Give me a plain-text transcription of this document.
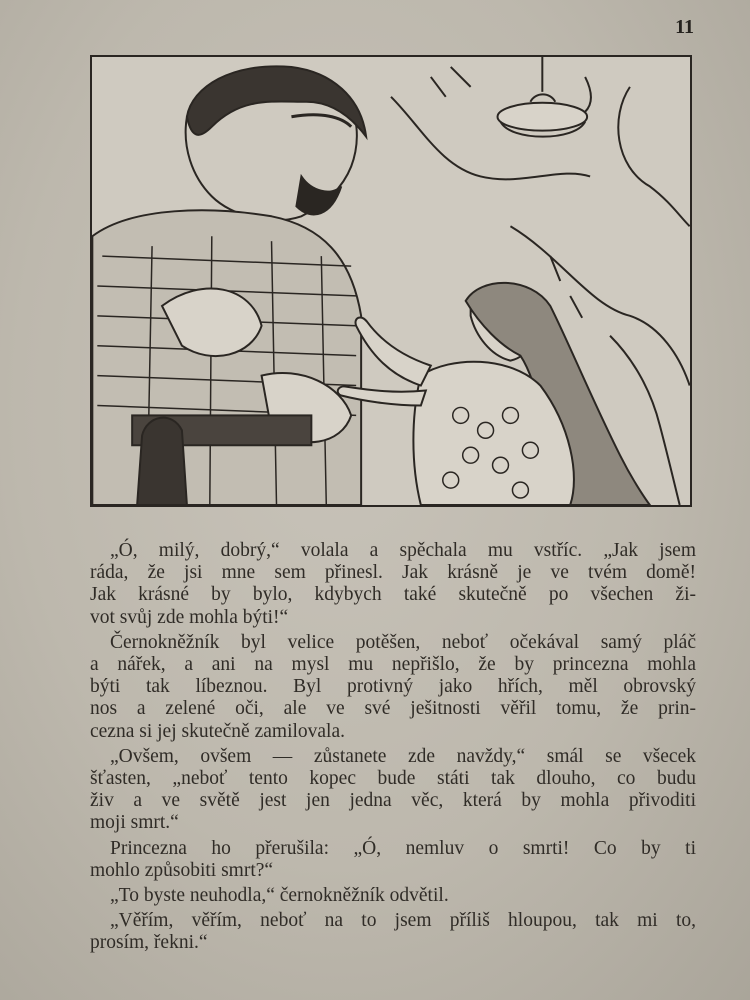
11

„Ó, milý, dobrý,“ volala a spěchala mu vstříc. „Jak jsem
ráda, že jsi mne sem přinesl. Jak krásně je ve tvém domě!
Jak krásné by bylo, kdybych také skutečně po všechen ži-
vot svůj zde mohla býti!“

Černokněžník byl velice potěšen, neboť očekával samý pláč
a nářek, a ani na mysl mu nepřišlo, že by princezna mohla
býti tak líbeznou. Byl protivný jako hřích, měl obrovský
nos a zelené oči, ale ve své ješitnosti věřil tomu, že prin-
cezna si jej skutečně zamilovala.

„Ovšem, ovšem — zůstanete zde navždy,“ smál se všecek
šťasten, „neboť tento kopec bude státi tak dlouho, co budu
živ a ve světě jest jen jedna věc, která by mohla přivoditi
moji smrt.“

Princezna ho přerušila: „Ó, nemluv o smrti! Co by ti
mohlo způsobiti smrt?“

„To byste neuhodla,“ černokněžník odvětil.

„Věřím, věřím, neboť na to jsem příliš hloupou, tak mi to,
prosím, řekni.“
